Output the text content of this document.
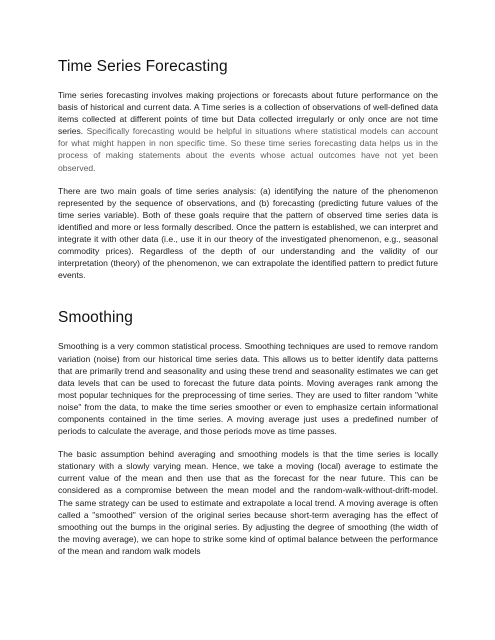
Time Series Forecasting

Time series forecasting involves making projections or forecasts about future performance on the basis of historical and current data. A Time series is a collection of observations of well-defined data items collected at different points of time but Data collected irregularly or only once are not time series. Specifically forecasting would be helpful in situations where statistical models can account for what might happen in non specific time. So these time series forecasting data helps us in the process of making statements about the events whose actual outcomes have not yet been observed.

There are two main goals of time series analysis: (a) identifying the nature of the phenomenon represented by the sequence of observations, and (b) forecasting (predicting future values of the time series variable). Both of these goals require that the pattern of observed time series data is identified and more or less formally described. Once the pattern is established, we can interpret and integrate it with other data (i.e., use it in our theory of the investigated phenomenon, e.g., seasonal commodity prices). Regardless of the depth of our understanding and the validity of our interpretation (theory) of the phenomenon, we can extrapolate the identified pattern to predict future events.

Smoothing

Smoothing is a very common statistical process. Smoothing techniques are used to remove random variation (noise) from our historical time series data. This allows us to better identify data patterns that are primarily trend and seasonality and using these trend and seasonality estimates we can get data levels that can be used to forecast the future data points. Moving averages rank among the most popular techniques for the preprocessing of time series. They are used to filter random "white noise" from the data, to make the time series smoother or even to emphasize certain informational components contained in the time series. A moving average just uses a predefined number of periods to calculate the average, and those periods move as time passes.

The basic assumption behind averaging and smoothing models is that the time series is locally stationary with a slowly varying mean. Hence, we take a moving (local) average to estimate the current value of the mean and then use that as the forecast for the near future. This can be considered as a compromise between the mean model and the random-walk-without-drift-model. The same strategy can be used to estimate and extrapolate a local trend. A moving average is often called a "smoothed" version of the original series because short-term averaging has the effect of smoothing out the bumps in the original series. By adjusting the degree of smoothing (the width of the moving average), we can hope to strike some kind of optimal balance between the performance of the mean and random walk models
